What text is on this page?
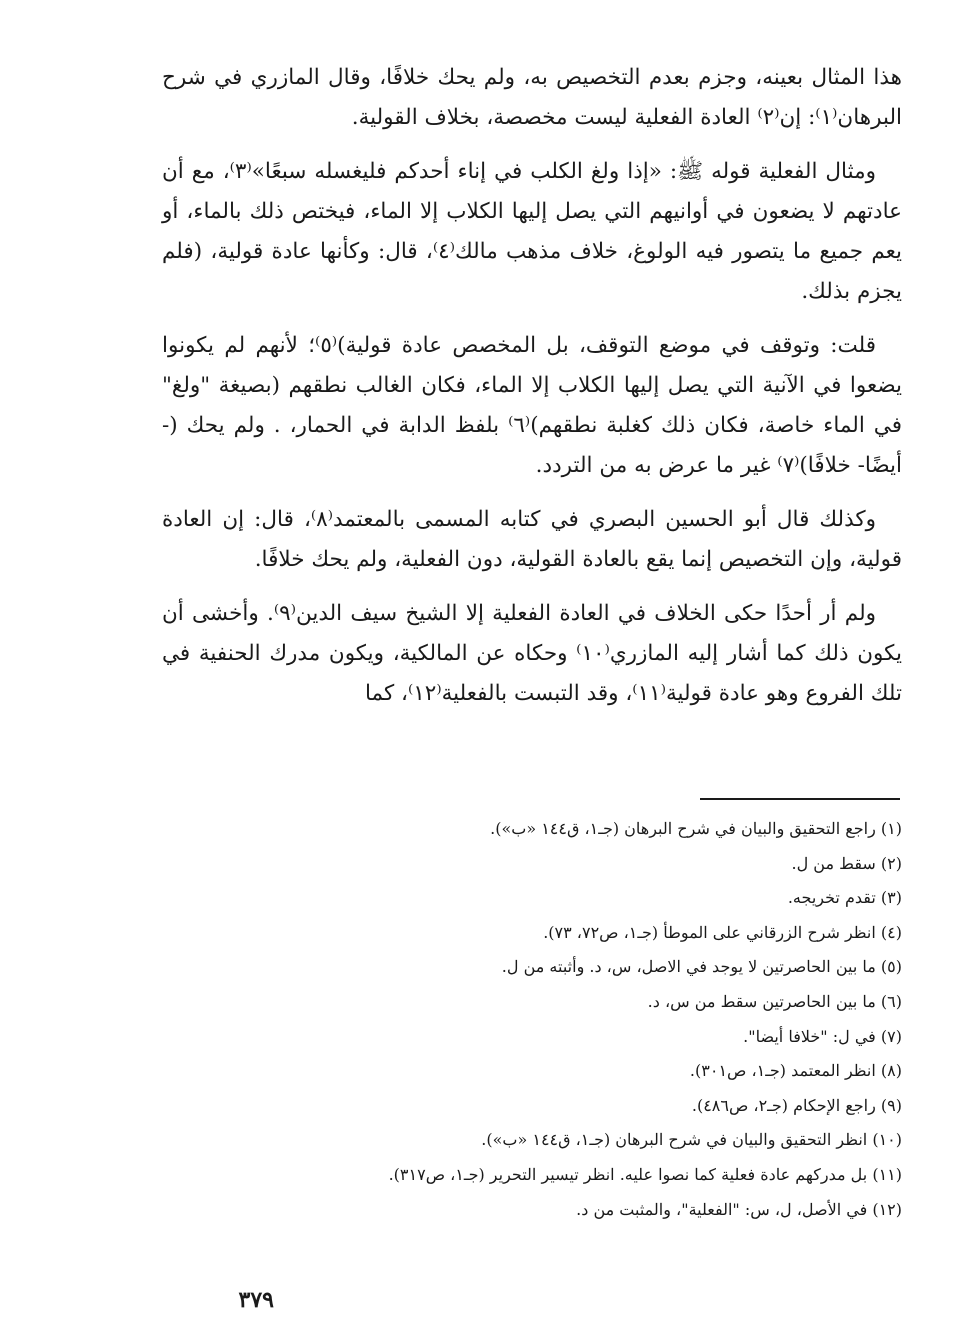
هذا المثال بعينه، وجزم بعدم التخصيص به، ولم يحك خلافًا، وقال المازري في شرح البرهان⁽١⁾: إن⁽٢⁾ العادة الفعلية ليست مخصصة، بخلاف القولية.

ومثال الفعلية قوله ﷺ: «إذا ولغ الكلب في إناء أحدكم فليغسله سبعًا»⁽٣⁾، مع أن عادتهم لا يضعون في أوانيهم التي يصل إليها الكلاب إلا الماء، فيختص ذلك بالماء، أو يعم جميع ما يتصور فيه الولوغ، خلاف مذهب مالك⁽٤⁾، قال: وكأنها عادة قولية، (فلم يجزم بذلك.

قلت: وتوقف في موضع التوقف، بل المخصص عادة قولية)⁽٥⁾؛ لأنهم لم يكونوا يضعوا في الآنية التي يصل إليها الكلاب إلا الماء، فكان الغالب نطقهم (بصيغة "ولغ" في الماء خاصة، فكان ذلك كغلبة نطقهم)⁽٦⁾ بلفظ الدابة في الحمار، . ولم يحك (-أيضًا- خلافًا)⁽٧⁾ غير ما عرض به من التردد.

وكذلك قال أبو الحسين البصري في كتابه المسمى بالمعتمد⁽٨⁾، قال: إن العادة قولية، وإن التخصيص إنما يقع بالعادة القولية، دون الفعلية، ولم يحك خلافًا.

ولم أر أحدًا حكى الخلاف في العادة الفعلية إلا الشيخ سيف الدين⁽٩⁾. وأخشى أن يكون ذلك كما أشار إليه المازري⁽١٠⁾ وحكاه عن المالكية، ويكون مدرك الحنفية في تلك الفروع وهو عادة قولية⁽١١⁾، وقد التبست بالفعلية⁽١٢⁾، كما

(١) راجع التحقيق والبيان في شرح البرهان (جـ١، ق١٤٤ «ب»).
(٢) سقط من ل.
(٣) تقدم تخريجه.
(٤) انظر شرح الزرقاني على الموطأ (جـ١، ص٧٢، ٧٣).
(٥) ما بين الحاصرتين لا يوجد في الاصل، س، د. وأثبته من ل.
(٦) ما بين الحاصرتين سقط من س، د.
(٧) في ل: "خلافا أيضا".
(٨) انظر المعتمد (جـ١، ص٣٠١).
(٩) راجع الإحكام (جـ٢، ص٤٨٦).
(١٠) انظر التحقيق والبيان في شرح البرهان (جـ١، ق١٤٤ «ب»).
(١١) بل مدركهم عادة فعلية كما نصوا عليه. انظر تيسير التحرير (جـ١، ص٣١٧).
(١٢) في الأصل، ل، س: "الفعلية"، والمثبت من د.
٣٧٩
